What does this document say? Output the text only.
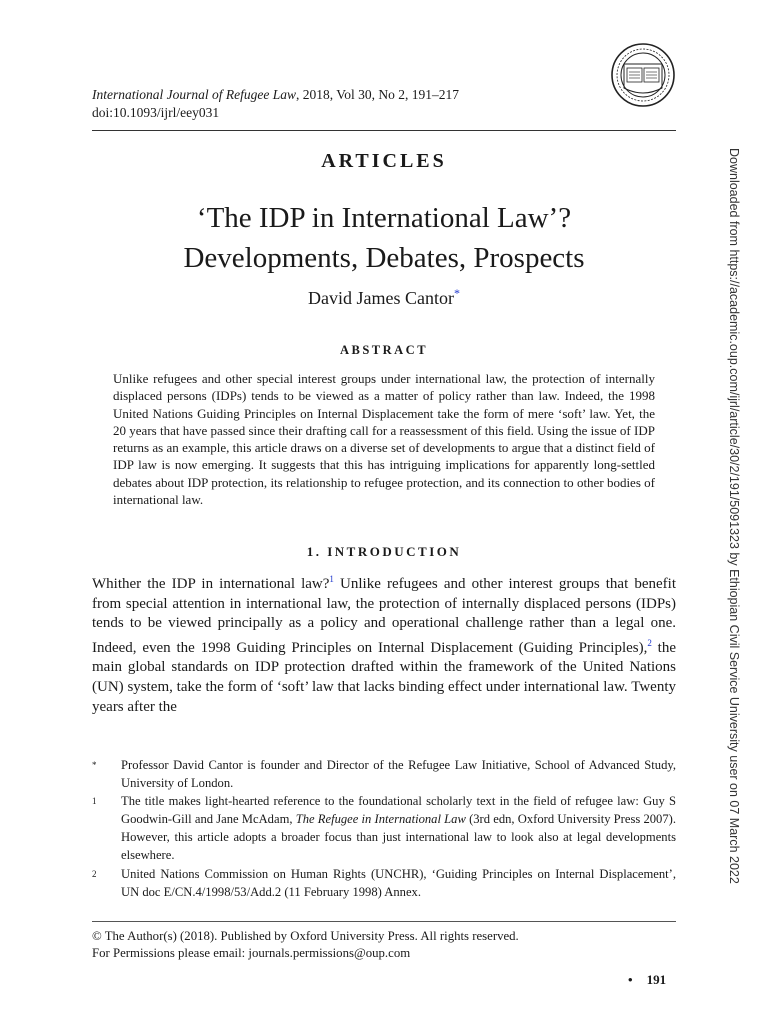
International Journal of Refugee Law, 2018, Vol 30, No 2, 191–217
doi:10.1093/ijrl/eey031
ARTICLES
‘The IDP in International Law’?
Developments, Debates, Prospects
David James Cantor*
ABSTRACT
Unlike refugees and other special interest groups under international law, the protection of internally displaced persons (IDPs) tends to be viewed as a matter of policy rather than law. Indeed, the 1998 United Nations Guiding Principles on Internal Displacement take the form of mere ‘soft’ law. Yet, the 20 years that have passed since their drafting call for a reassessment of this field. Using the issue of IDP returns as an example, this article draws on a diverse set of developments to argue that a distinct field of IDP law is now emerging. It suggests that this has intriguing implications for apparently long-settled debates about IDP protection, its relationship to refugee protection, and its connection to other bodies of international law.
1. INTRODUCTION
Whither the IDP in international law?$^1$ Unlike refugees and other interest groups that benefit from special attention in international law, the protection of internally displaced persons (IDPs) tends to be viewed principally as a policy and operational challenge rather than a legal one. Indeed, even the 1998 Guiding Principles on Internal Displacement (Guiding Principles),$^2$ the main global standards on IDP protection drafted within the framework of the United Nations (UN) system, take the form of ‘soft’ law that lacks binding effect under international law. Twenty years after the
* Professor David Cantor is founder and Director of the Refugee Law Initiative, School of Advanced Study, University of London.
1 The title makes light-hearted reference to the foundational scholarly text in the field of refugee law: Guy S Goodwin-Gill and Jane McAdam, The Refugee in International Law (3rd edn, Oxford University Press 2007). However, this article adopts a broader focus than just international law to look also at legal developments elsewhere.
2 United Nations Commission on Human Rights (UNCHR), ‘Guiding Principles on Internal Displacement’, UN doc E/CN.4/1998/53/Add.2 (11 February 1998) Annex.
© The Author(s) (2018). Published by Oxford University Press. All rights reserved.
For Permissions please email: journals.permissions@oup.com
• 191
Downloaded from https://academic.oup.com/ijrl/article/30/2/191/5091323 by Ethiopian Civil Service University user on 07 March 2022
